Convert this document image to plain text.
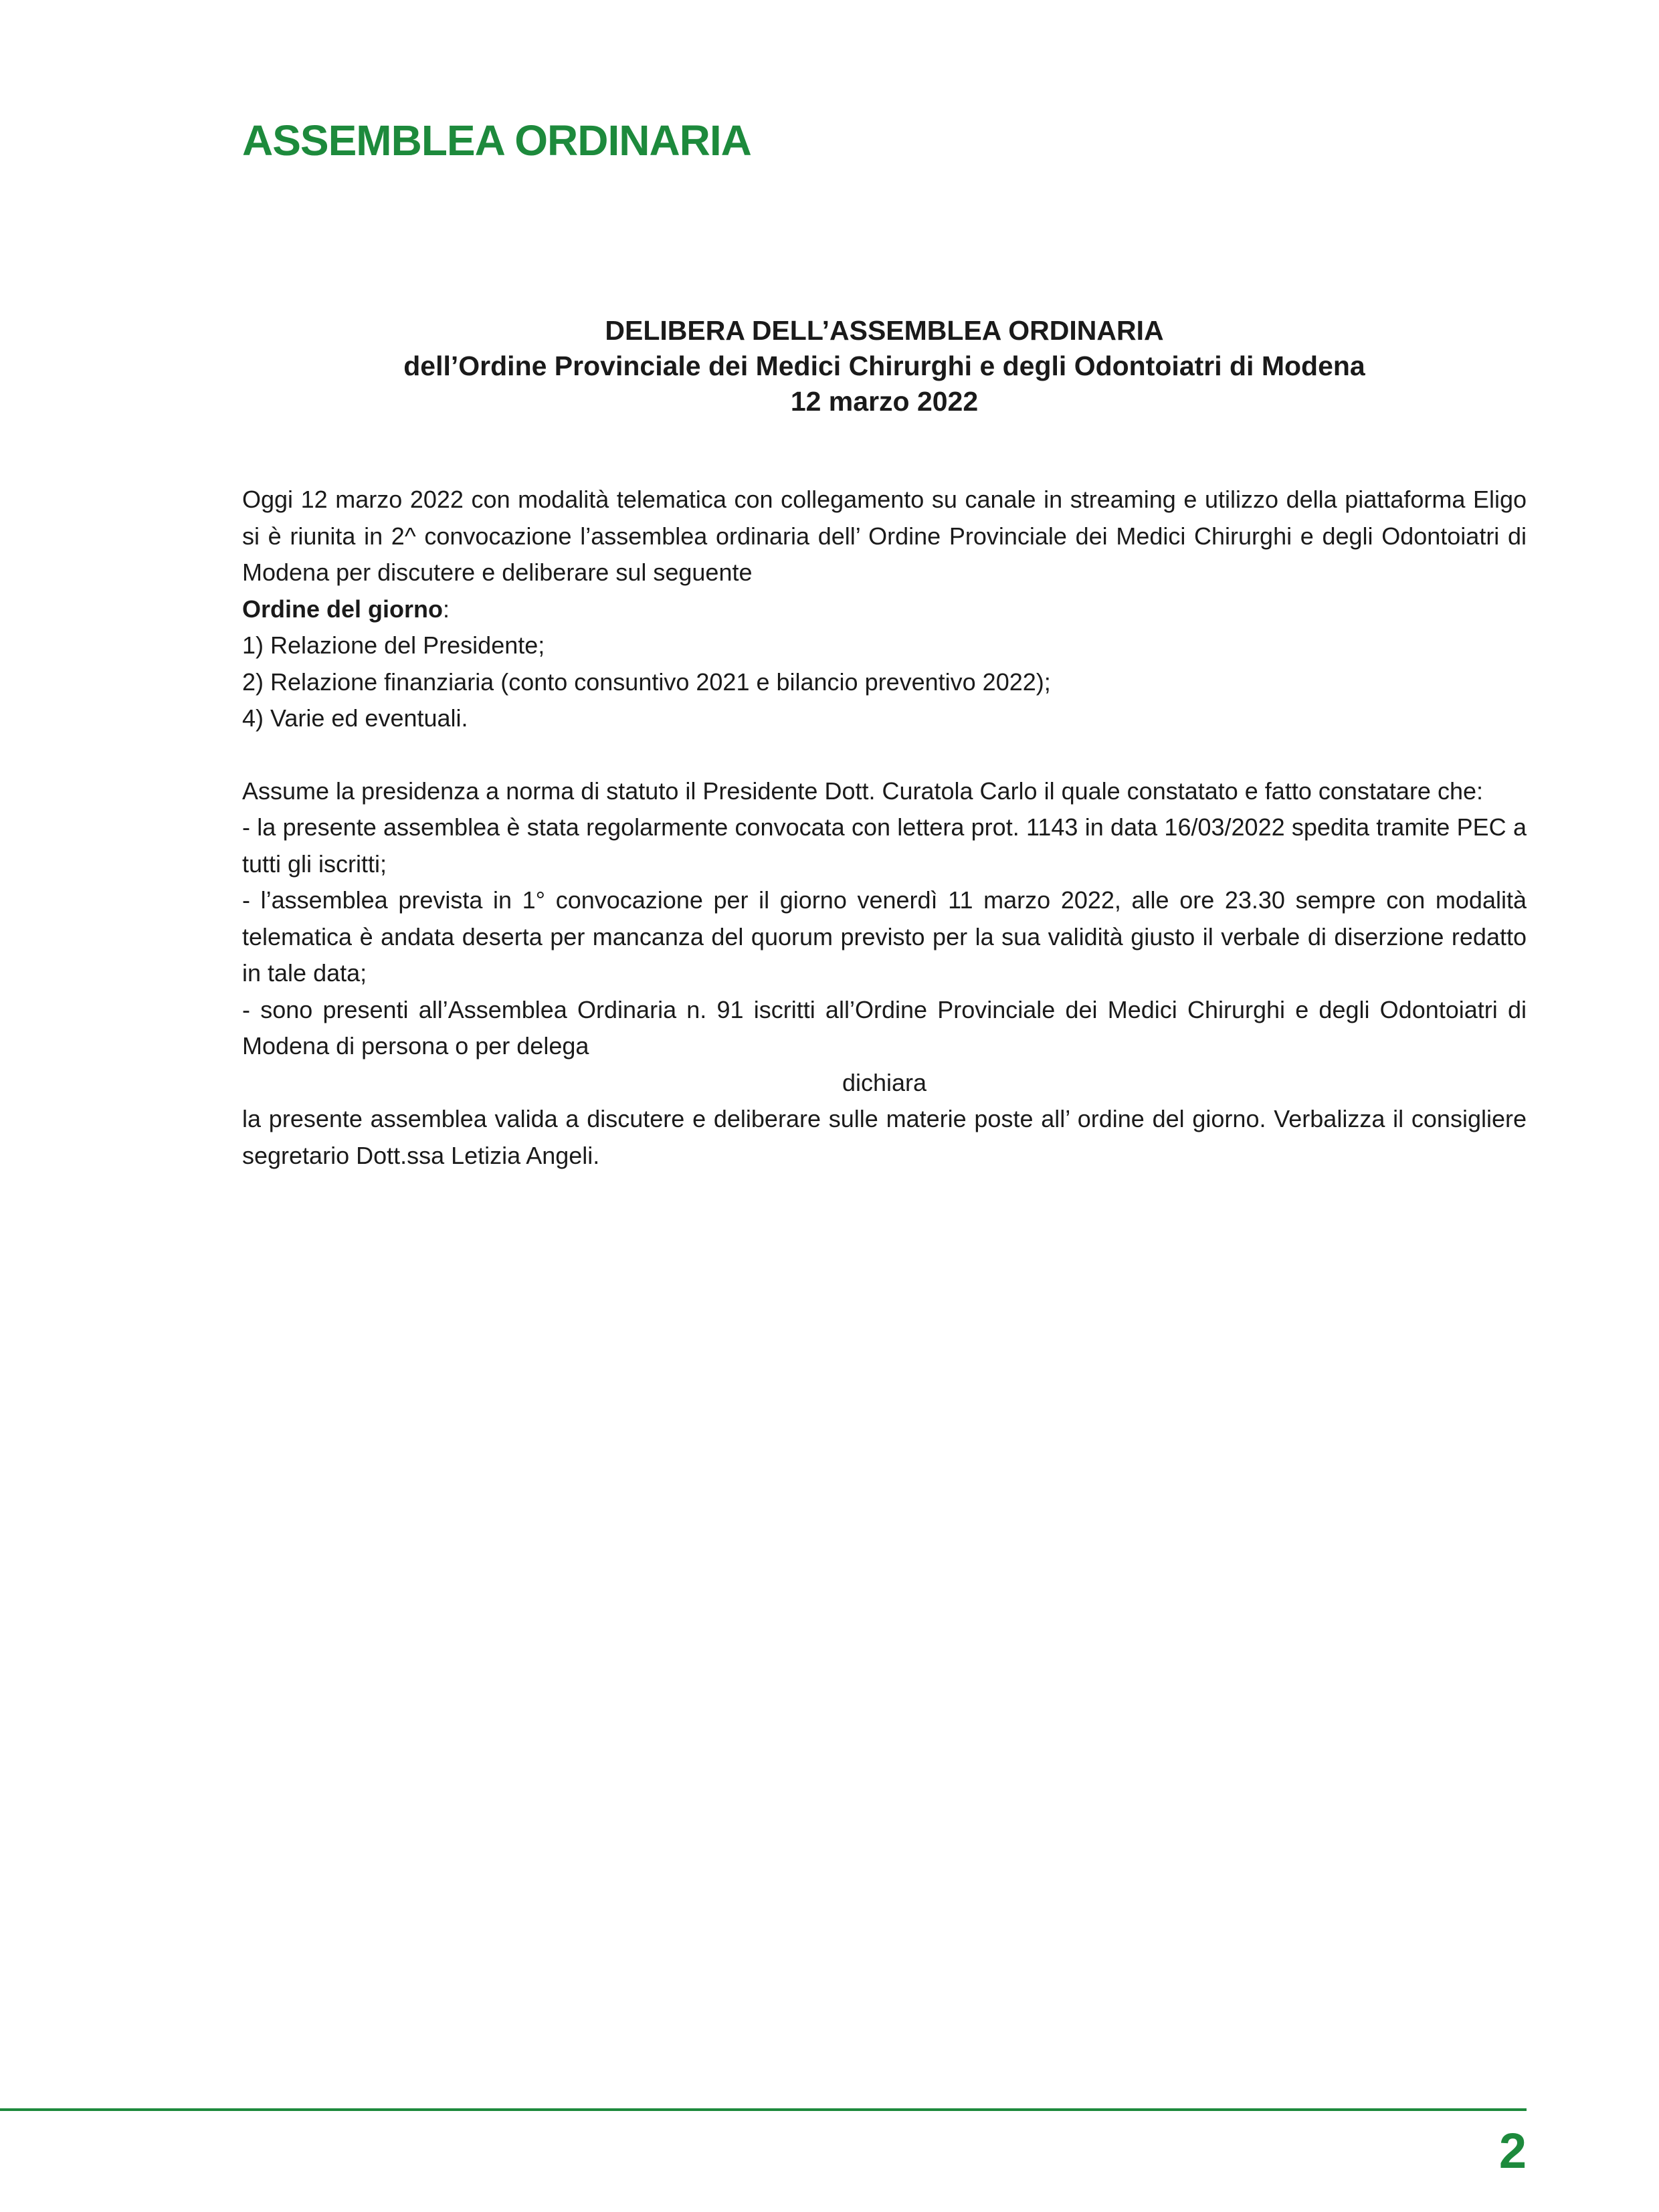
ASSEMBLEA ORDINARIA
DELIBERA DELL’ASSEMBLEA ORDINARIA
dell’Ordine Provinciale dei Medici Chirurghi e degli Odontoiatri di Modena
12 marzo 2022

Oggi 12 marzo 2022 con modalità telematica con collegamento su canale in streaming e utilizzo della piattaforma Eligo si è riunita in 2^ convocazione l’assemblea ordinaria dell’ Ordine Provinciale dei Medici Chirurghi e degli Odontoiatri di Modena per discutere e deliberare sul seguente

Ordine del giorno:

1) Relazione del Presidente;

2) Relazione finanziaria (conto consuntivo 2021 e bilancio preventivo 2022);

4) Varie ed eventuali.

Assume la presidenza a norma di statuto il Presidente Dott. Curatola Carlo il quale constatato e fatto constatare che:

- la presente assemblea è stata regolarmente convocata con lettera prot. 1143 in data 16/03/2022 spedita tramite PEC a tutti gli iscritti;

- l’assemblea prevista in 1° convocazione per il giorno venerdì 11 marzo 2022, alle ore 23.30 sempre con modalità telematica è andata deserta per mancanza del quorum previsto per la sua validità giusto il verbale di diserzione redatto in tale data;

- sono presenti all’Assemblea Ordinaria n. 91 iscritti all’Ordine Provinciale dei Medici Chirurghi e degli Odontoiatri di Modena di persona o per delega

dichiara

la presente assemblea valida a discutere e deliberare sulle materie poste all’ ordine del giorno. Verbalizza il consigliere segretario Dott.ssa Letizia Angeli.

2
